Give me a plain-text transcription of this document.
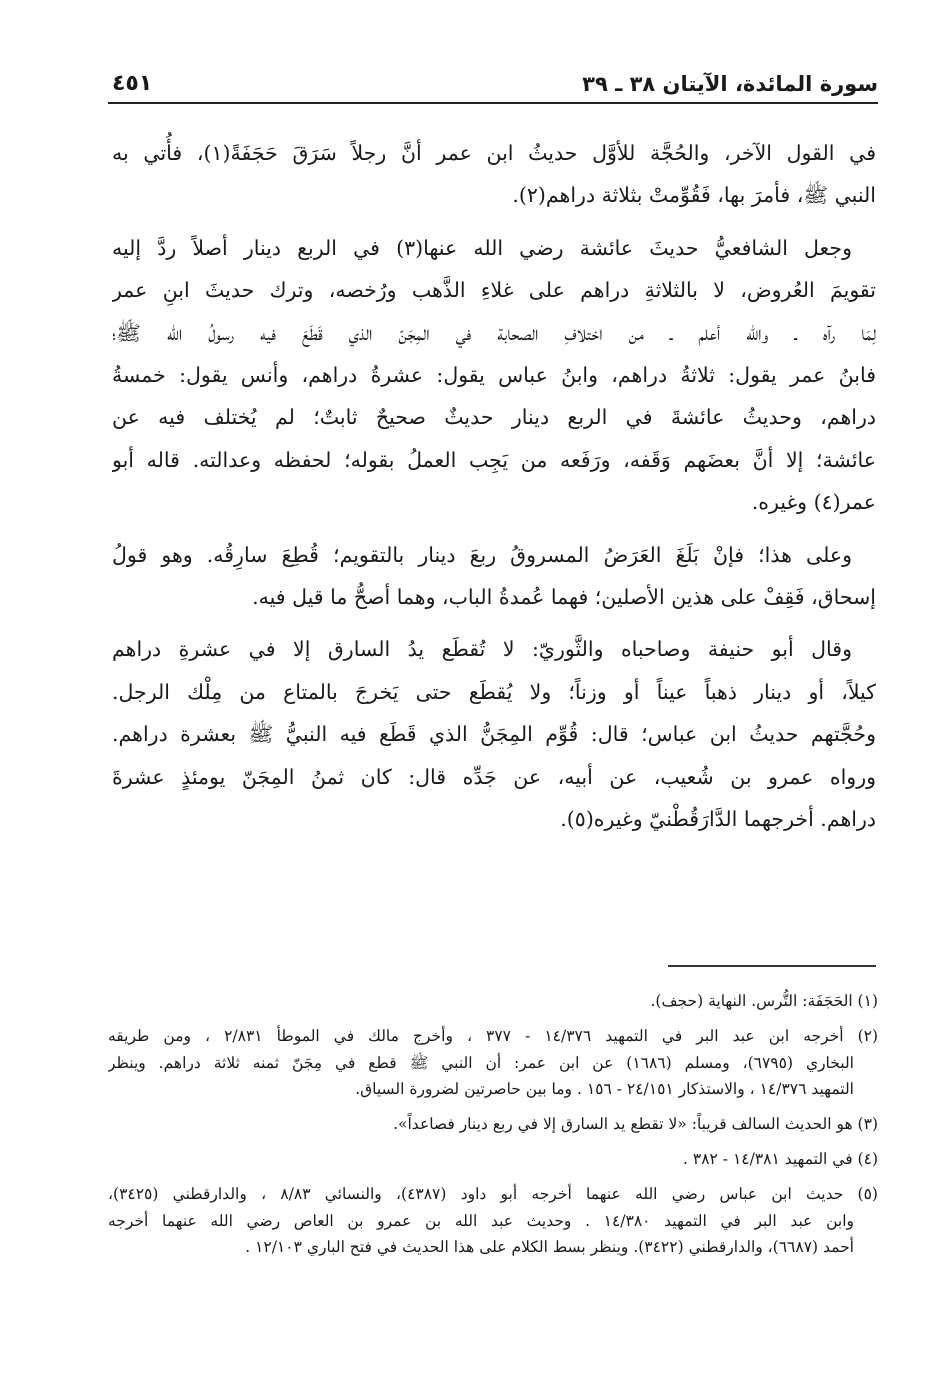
سورة المائدة، الآيتان ٣٨ ـ ٣٩
٤٥١

في القول الآخر، والحُجَّة للأوَّل حديثُ ابن عمر أنَّ رجلاً سَرَقَ حَجَفَةً(١)، فأُتي به
النبي ﷺ، فأمرَ بها، فَقُوِّمتْ بثلاثة دراهم(٢).

وجعل الشافعيُّ حديثَ عائشة رضي الله عنها(٣) في الربع دينار أصلاً ردَّ إليه
تقويمَ العُروض، لا بالثلاثةِ دراهم على غلاءِ الذَّهب ورُخصه، وترك حديثَ ابنِ عمر
لِمَا رآه ـ والله أعلم ـ من اختلافِ الصحابة في المِجَنّ الذي قَطَعَ فيه رسولُ الله ﷺ؛
فابنُ عمر يقول: ثلاثةُ دراهم، وابنُ عباس يقول: عشرةُ دراهم، وأنس يقول: خمسةُ
دراهم، وحديثُ عائشةَ في الربع دينار حديثٌ صحيحٌ ثابتٌ؛ لم يُختلف فيه عن
عائشة؛ إلا أنَّ بعضَهم وَقَفه، ورَفَعه من يَجِب العملُ بقوله؛ لحفظه وعدالته. قاله أبو
عمر(٤) وغيره.

وعلى هذا؛ فإنْ بَلَغَ العَرَضُ المسروقُ ربعَ دينار بالتقويم؛ قُطِعَ سارِقُه. وهو قولُ
إسحاق، فَقِفْ على هذين الأصلين؛ فهما عُمدةُ الباب، وهما أصحُّ ما قيل فيه.

وقال أبو حنيفة وصاحباه والثَّوريّ: لا تُقطَع يدُ السارق إلا في عشرةِ دراهم
كيلاً، أو دينار ذهباً عيناً أو وزناً؛ ولا يُقطَع حتى يَخرجَ بالمتاع من مِلْك الرجل.
وحُجَّتهم حديثُ ابن عباس؛ قال: قُوِّم المِجَنُّ الذي قَطَع فيه النبيُّ ﷺ بعشرة دراهم.
ورواه عمرو بن شُعيب، عن أبيه، عن جَدِّه قال: كان ثمنُ المِجَنّ يومئذٍ عشرةَ
دراهم. أخرجهما الدَّارَقُطْنيّ وغيره(٥).

(١) الحَجَفَة: التُّرس. النهاية (حجف).

(٢) أخرجه ابن عبد البر في التمهيد ١٤/٣٧٦ - ٣٧٧ ، وأخرج مالك في الموطأ ٢/٨٣١ ، ومن طريقه
البخاري (٦٧٩٥)، ومسلم (١٦٨٦) عن ابن عمر: أن النبي ﷺ قطع في مِجَنّ ثمنه ثلاثة دراهم. وينظر
التمهيد ١٤/٣٧٦ ، والاستذكار ٢٤/١٥١ - ١٥٦ . وما بين حاصرتين لضرورة السياق.

(٣) هو الحديث السالف قريباً: «لا تقطع يد السارق إلا في ربع دينار فصاعداً».

(٤) في التمهيد ١٤/٣٨١ - ٣٨٢ .

(٥) حديث ابن عباس رضي الله عنهما أخرجه أبو داود (٤٣٨٧)، والنسائي ٨/٨٣ ، والدارقطني (٣٤٢٥)،
وابن عبد البر في التمهيد ١٤/٣٨٠ . وحديث عبد الله بن عمرو بن العاص رضي الله عنهما أخرجه
أحمد (٦٦٨٧)، والدارقطني (٣٤٢٢). وينظر بسط الكلام على هذا الحديث في فتح الباري ١٢/١٠٣ .
